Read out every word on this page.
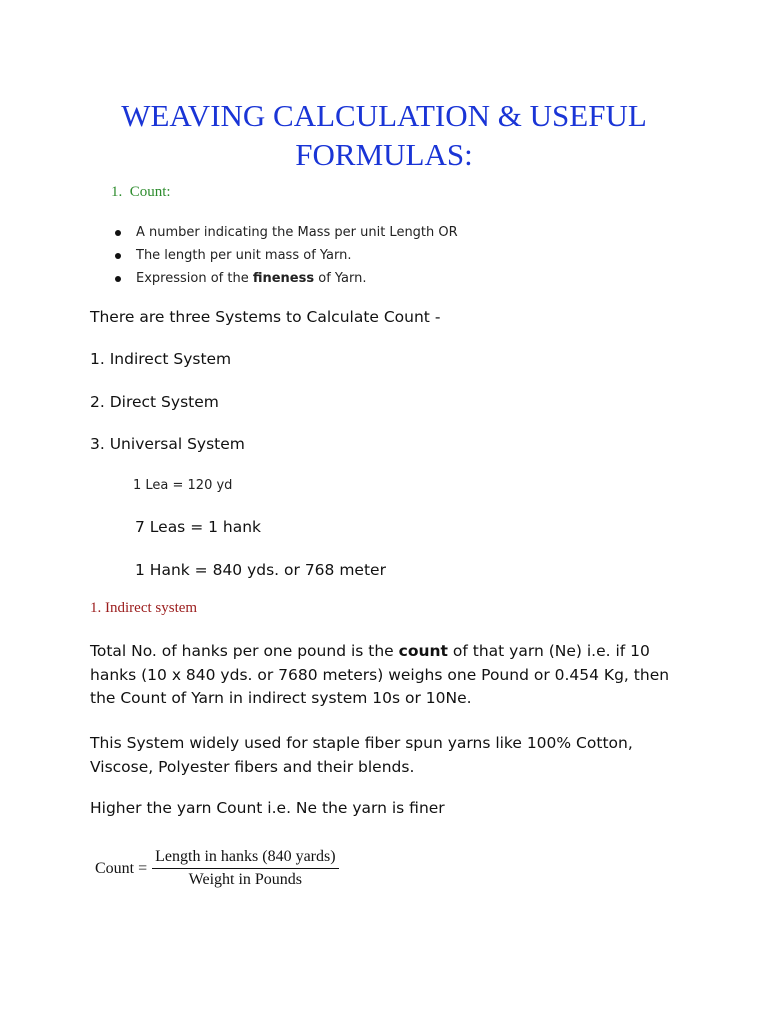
WEAVING CALCULATION & USEFUL
FORMULAS:
1.  Count:
A number indicating the Mass per unit Length OR
The length per unit mass of Yarn.
Expression of the fineness of Yarn.
There are three Systems to Calculate Count -
1. Indirect System
2. Direct System
3. Universal System
1 Lea = 120 yd
7 Leas = 1 hank
1 Hank = 840 yds. or 768 meter
1. Indirect system
Total No. of hanks per one pound is the count of that yarn (Ne) i.e. if 10 hanks (10 x 840 yds. or 7680 meters) weighs one Pound or 0.454 Kg, then the Count of Yarn in indirect system 10s or 10Ne.
This System widely used for staple fiber spun yarns like 100% Cotton, Viscose, Polyester fibers and their blends.
Higher the yarn Count i.e. Ne the yarn is finer
Count = $\frac{\text{Length in hanks (840 yards)}}{\text{Weight in Pounds}}$
